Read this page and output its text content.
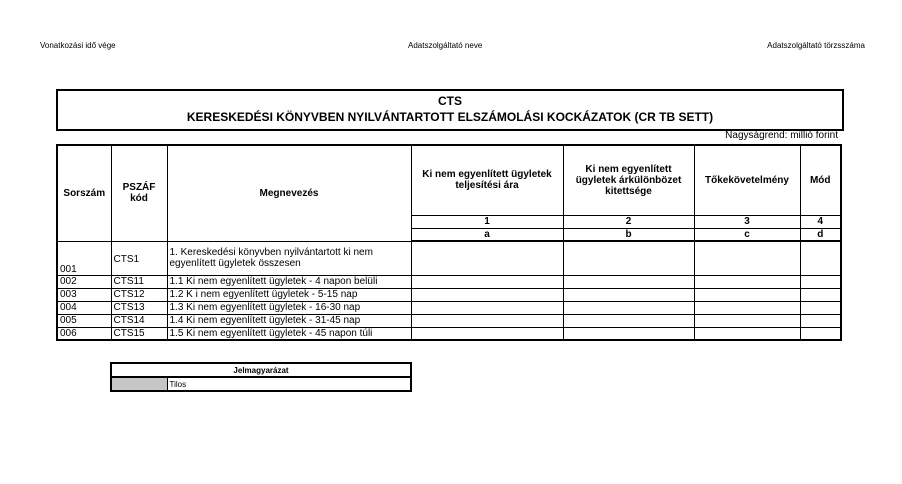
Vonatkozási idő vége	Adatszolgáltató neve	Adatszolgáltató törzsszáma
CTS
KERESKEDÉSI KÖNYVBEN NYILVÁNTARTOTT ELSZÁMOLÁSI KOCKÁZATOK (CR TB SETT)
Nagyságrend: millió forint
Sorszám	PSZÁF kód	Megnevezés	Ki nem egyenlített ügyletek teljesítési ára	Ki nem egyenlített ügyletek árkülönbözet kitettsége	Tőkekövetelmény	Mód
			1	2	3	4
			a	b	c	d
001	CTS1	1. Kereskedési könyvben nyilvántartott ki nem egyenlített ügyletek összesen				
002	CTS11	1.1 Ki nem egyenlített ügyletek - 4 napon belüli				
003	CTS12	1.2 K i nem egyenlített ügyletek - 5-15 nap				
004	CTS13	1.3 Ki nem egyenlített ügyletek - 16-30 nap				
005	CTS14	1.4 Ki nem egyenlített ügyletek - 31-45 nap				
006	CTS15	1.5 Ki nem egyenlített ügyletek - 45 napon túli				
Jelmagyarázat
	Tilos
